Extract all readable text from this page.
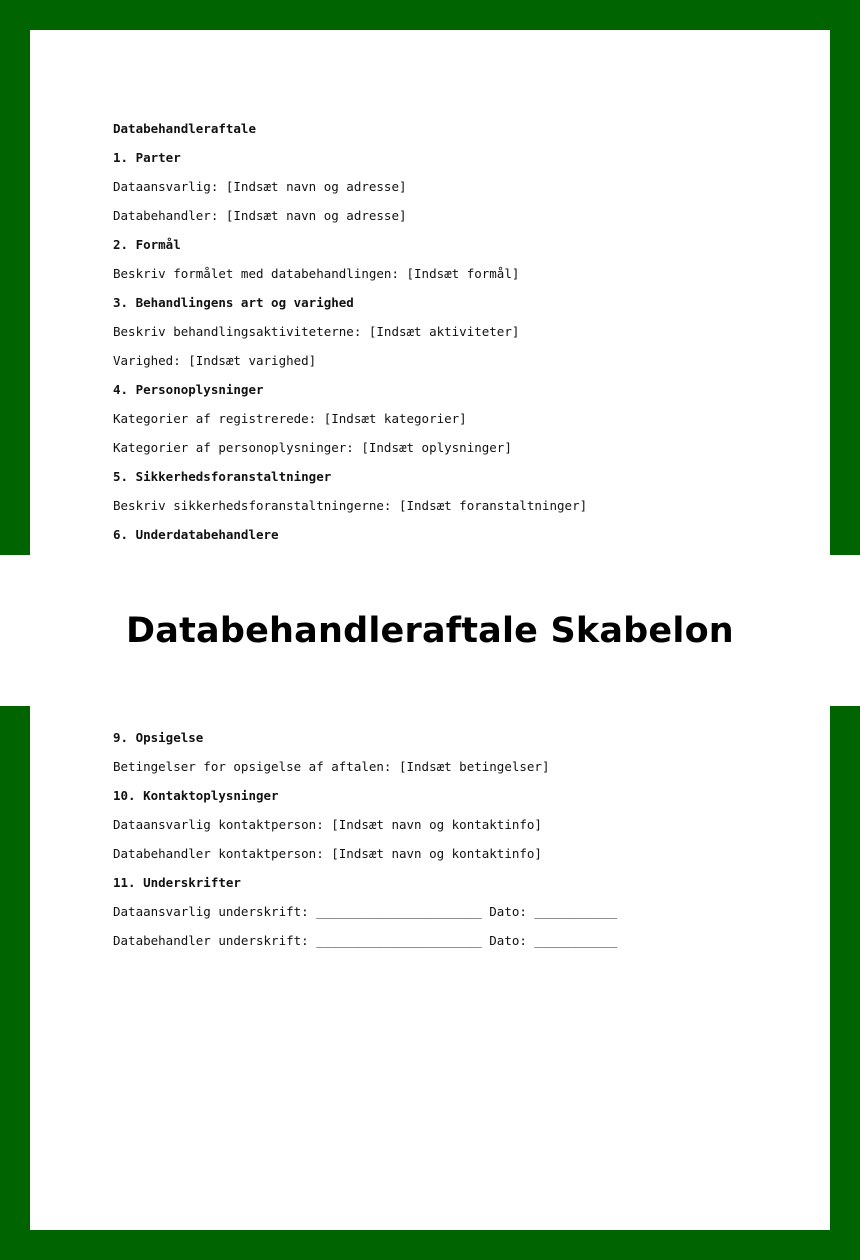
Databehandleraftale
1. Parter
Dataansvarlig: [Indsæt navn og adresse]
Databehandler: [Indsæt navn og adresse]
2. Formål
Beskriv formålet med databehandlingen: [Indsæt formål]
3. Behandlingens art og varighed
Beskriv behandlingsaktiviteterne: [Indsæt aktiviteter]
Varighed: [Indsæt varighed]
4. Personoplysninger
Kategorier af registrerede: [Indsæt kategorier]
Kategorier af personoplysninger: [Indsæt oplysninger]
5. Sikkerhedsforanstaltninger
Beskriv sikkerhedsforanstaltningerne: [Indsæt foranstaltninger]
6. Underdatabehandlere
9. Opsigelse
Betingelser for opsigelse af aftalen: [Indsæt betingelser]
10. Kontaktoplysninger
Dataansvarlig kontaktperson: [Indsæt navn og kontaktinfo]
Databehandler kontaktperson: [Indsæt navn og kontaktinfo]
11. Underskrifter
Dataansvarlig underskrift: ______________________ Dato: ___________
Databehandler underskrift: ______________________ Dato: ___________
Databehandleraftale Skabelon
